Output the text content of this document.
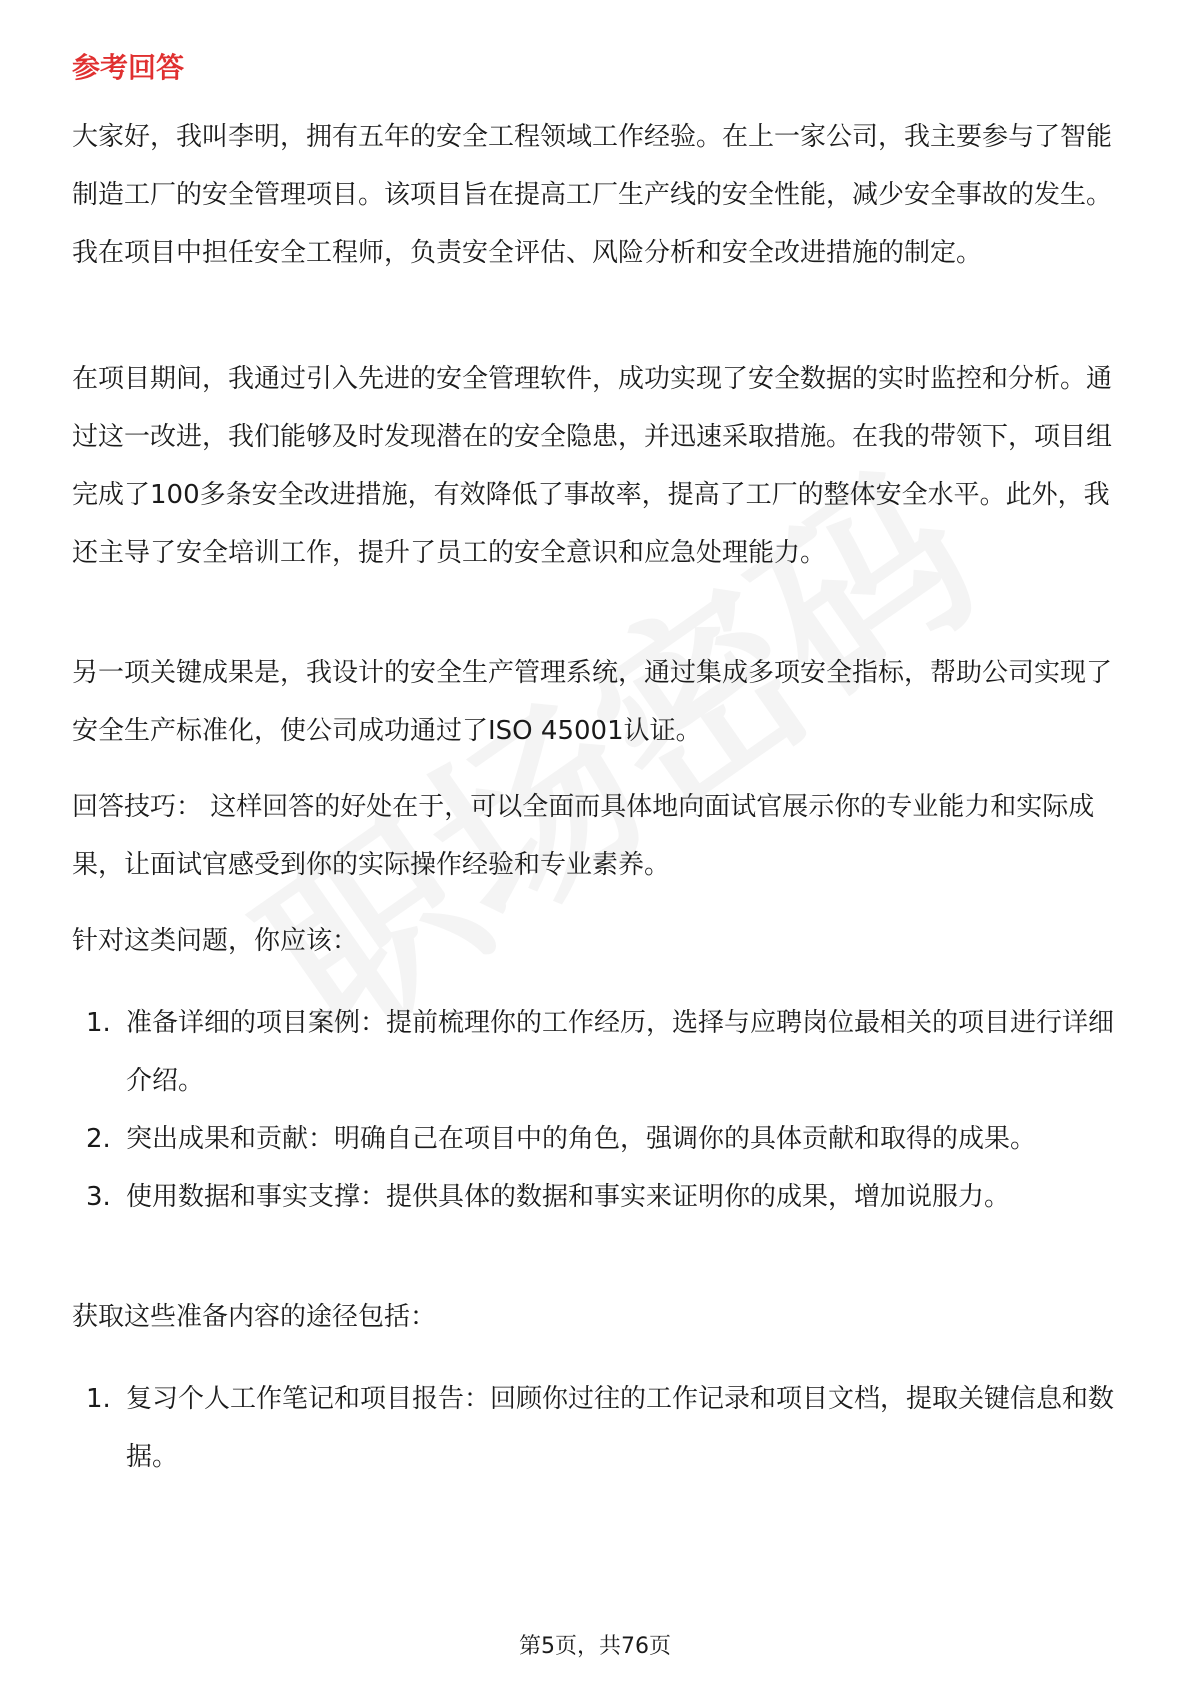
参考回答

大家好，我叫李明，拥有五年的安全工程领域工作经验。在上一家公司，我主要参与了智能制造工厂的安全管理项目。该项目旨在提高工厂生产线的安全性能，减少安全事故的发生。我在项目中担任安全工程师，负责安全评估、风险分析和安全改进措施的制定。

在项目期间，我通过引入先进的安全管理软件，成功实现了安全数据的实时监控和分析。通过这一改进，我们能够及时发现潜在的安全隐患，并迅速采取措施。在我的带领下，项目组完成了100多条安全改进措施，有效降低了事故率，提高了工厂的整体安全水平。此外，我还主导了安全培训工作，提升了员工的安全意识和应急处理能力。

另一项关键成果是，我设计的安全生产管理系统，通过集成多项安全指标，帮助公司实现了安全生产标准化，使公司成功通过了ISO 45001认证。

回答技巧： 这样回答的好处在于，可以全面而具体地向面试官展示你的专业能力和实际成果，让面试官感受到你的实际操作经验和专业素养。

针对这类问题，你应该：

1. 准备详细的项目案例：提前梳理你的工作经历，选择与应聘岗位最相关的项目进行详细介绍。
2. 突出成果和贡献：明确自己在项目中的角色，强调你的具体贡献和取得的成果。
3. 使用数据和事实支撑：提供具体的数据和事实来证明你的成果，增加说服力。

获取这些准备内容的途径包括：

1. 复习个人工作笔记和项目报告：回顾你过往的工作记录和项目文档，提取关键信息和数据。
第5页，共76页
